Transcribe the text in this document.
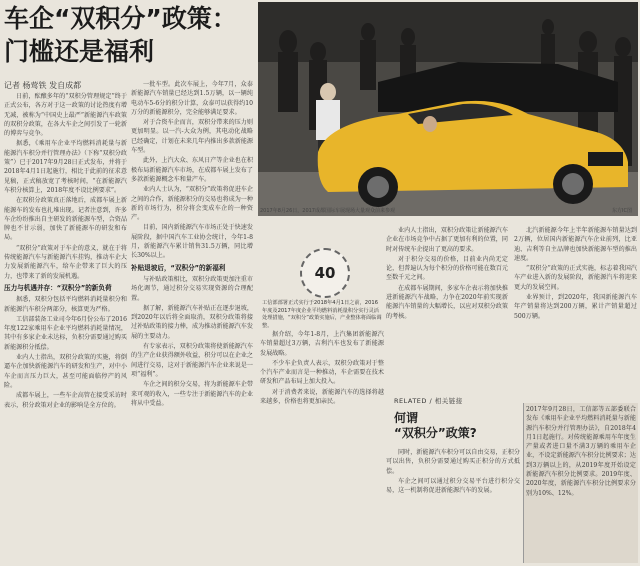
车企“双积分”政策：
门槛还是福利
记者 杨莺铁 发自成都

日前，酝酿多年的“双积分管理规定”终于正式公布，各方对于这一政策的讨论热度有增无减，被称为“中国史上最严”新能源汽车政策的双积分政策，在各大车企之间引发了一轮新的博弈与竞争。

据悉，《乘用车企业平均燃料消耗量与新能源汽车积分并行管理办法》（下称“双积分政策”）已于2017年9月28日正式发布，并将于2018年4月1日起施行，相比于此前的征求意见稿，正式稿放宽了考核时间，“在新能源汽车积分核算上，2018年度不设比例要求”。

在双积分政策真正落地后，成都车展上新能源车的发布也扎堆出现。记者注意到，许多车企纷纷推出自主研发的新能源车型，合资品牌也不甘示弱，加快了新能源车的研发和布局。

“双积分”政策对于车企的意义，就在于将传统能源汽车与新能源汽车挂钩，推动车企大力发展新能源汽车，给车企带来了巨大的压力，也带来了新的发展机遇。

压力与机遇并存：“双积分”的新负荷

据悉，双积分包括平均燃料消耗量积分和新能源汽车积分两部分，核算更为严格。

工信部装备工业司今年6月份公布了2016年度122家乘用车企业平均燃料消耗量情况，其中有多家企业未达标，负积分需要通过购买新能源积分抵偿。

业内人士指出，双积分政策的实施，将倒逼车企加快新能源汽车的研发和生产，对中小车企而言压力巨大，甚至可能面临停产的风险。

成都车展上，一些车企高管在接受采访时表示，积分政策对企业的影响是全方位的。

一批车型。此次车展上，今年7月，众泰新能源汽车销量已经达到1.5万辆，以一辆纯电动车5-6分的积分计算，众泰可以获得约10万分的新能源积分，完全能够满足要求。

对于合资车企而言，双积分带来的压力则更加明显。以一汽-大众为例，其电动化战略已经确定，计划在未来几年内推出多款新能源车型。

此外，上汽大众、东风日产等企业也在积极布局新能源汽车市场，在成都车展上发布了多款新能源概念车和量产车。

业内人士认为，“双积分”政策将促进车企之间的合作，新能源积分的交易也将成为一种新的市场行为，积分将会变成车企的一种资产。

目前，国内新能源汽车市场正处于快速发展阶段，据中国汽车工业协会统计，今年1-8月，新能源汽车累计销售31.5万辆，同比增长30%以上。

补贴退坡后，“双积分”的新福利

与补贴政策相比，双积分政策更加注重市场化调节，通过积分交易实现资源的合理配置。

据了解，新能源汽车补贴正在逐步退坡，到2020年以后将全面取消，双积分政策将接过补贴政策的接力棒，成为推动新能源汽车发展的主要动力。

有专家表示，双积分政策将使新能源汽车的生产企业获得额外收益，积分可以在企业之间进行交易，这对于新能源汽车企业来说是一项“福利”。

车企之间的积分交易，将为新能源车企带来可观的收入，一些专注于新能源汽车的企业将从中受益。

2017年8月26日，2017成都国际车展现场大量观众前来参观	东方IC图
40
工信部部署正式实行于2018年4月1日之前，2016年度及2017年度企业平均燃料消耗量积分实行灵活处理措施，“双积分”政策实施后，产业整体将面临调整。

业内人士指出，双积分政策让新能源汽车企业在市场竞争中占据了更加有利的位置，同时对传统车企提出了更高的要求。

对于积分交易的价格，目前业内尚无定论，但普遍认为每个积分的价格可能在数百元至数千元之间。

在成都车展期间，多家车企表示将加快推进新能源汽车战略，力争在2020年前实现新能源汽车销量的大幅增长，以应对双积分政策的考核。

北汽新能源今年上半年新能源车销量达到2万辆，位居国内新能源汽车企业前列，比亚迪、吉利等自主品牌也加快新能源车型的推出速度。

“双积分”政策的正式实施，标志着我国汽车产业进入新的发展阶段，新能源汽车将迎来更大的发展空间。

业界预计，到2020年，我国新能源汽车年产销量将达到200万辆，累计产销量超过500万辆。

据介绍，今年1-8月，上汽集团新能源汽车销量超过3万辆，吉利汽车也发布了新能源发展战略。

不少车企负责人表示，双积分政策对于整个汽车产业而言是一种推动，车企需要在技术研发和产品布局上加大投入。

对于消费者来说，新能源汽车的选择将越来越多，价格也将更加亲民。

同时，新能源汽车积分可以自由交易，正积分可以出售，负积分需要通过购买正积分的方式抵偿。

车企之间可以通过积分交易平台进行积分交易，这一机制将促进新能源汽车的发展。

RELATED / 相关链接
何谓
“双积分”政策?

2017年9月28日，工信部等五部委联合发布《乘用车企业平均燃料消耗量与新能源汽车积分并行管理办法》，自2018年4月1日起施行。对传统能源乘用车年度生产量或者进口量不满3万辆的乘用车企业，不设定新能源汽车积分比例要求；达到3万辆以上的，从2019年度开始设定新能源汽车积分比例要求。2019年度、2020年度，新能源汽车积分比例要求分别为10%、12%。
